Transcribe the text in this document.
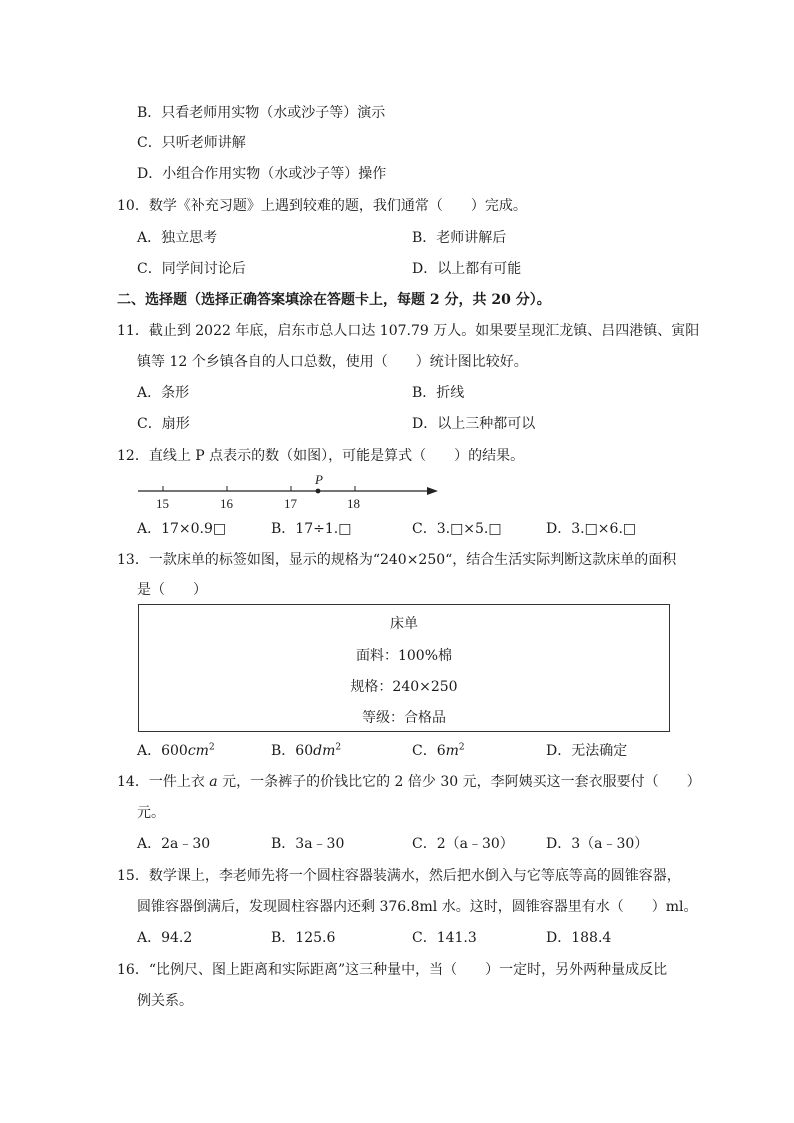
B．只看老师用实物（水或沙子等）演示
C．只听老师讲解
D．小组合作用实物（水或沙子等）操作
10．数学《补充习题》上遇到较难的题，我们通常（　　）完成。
A．独立思考	B．老师讲解后
C．同学间讨论后	D．以上都有可能
二、选择题（选择正确答案填涂在答题卡上，每题 2 分，共 20 分）。
11．截止到 2022 年底，启东市总人口达 107.79 万人。如果要呈现汇龙镇、吕四港镇、寅阳
镇等 12 个乡镇各自的人口总数，使用（　　）统计图比较好。
A．条形	B．折线
C．扇形	D．以上三种都可以
12．直线上 P 点表示的数（如图），可能是算式（　　）的结果。
P
15	16	17	18
A．17×0.9□	B．17÷1.□	C．3.□×5.□	D．3.□×6.□
13．一款床单的标签如图，显示的规格为“240×250“，结合生活实际判断这款床单的面积
是（　　）
床单
面料：100%棉
规格：240×250
等级：合格品
A．$600cm^2$	B．$60dm^2$	C．$6m^2$	D．无法确定
14．一件上衣 a 元，一条裤子的价钱比它的 2 倍少 30 元，李阿姨买这一套衣服要付（　　）
元。
A．2a﹣30	B．3a﹣30	C．2（a﹣30） D．3（a﹣30）
15．数学课上，李老师先将一个圆柱容器装满水，然后把水倒入与它等底等高的圆锥容器，
圆锥容器倒满后，发现圆柱容器内还剩 376.8ml 水。这时，圆锥容器里有水（　　）ml。
A．94.2	B．125.6	C．141.3	D．188.4
16．“比例尺、图上距离和实际距离”这三种量中，当（　　）一定时，另外两种量成反比
例关系。
